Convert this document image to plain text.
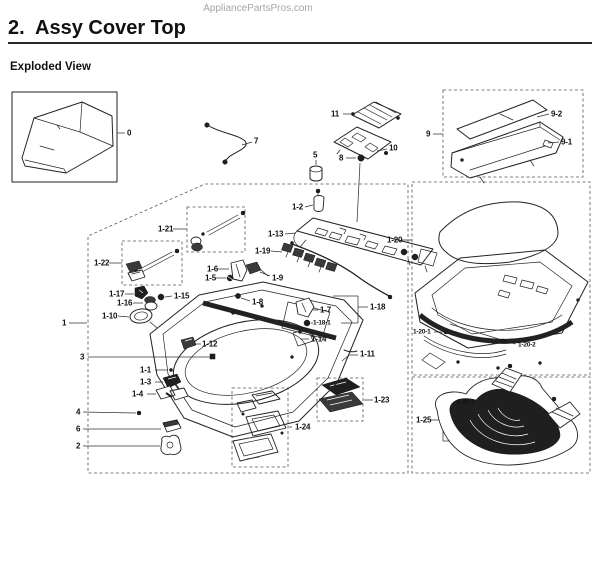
AppliancePartsPros.com
2.  Assy Cover Top
Exploded View
0
7
11
10
5	8
9
9-2
9-1
1-2
1-13
1-19
1-20
1-21
1-22
1-17
1-16
1-15
1-10
1-6
1-5	1-9
1-8
1-7	1-18
1-18-1
1-14
1-12
1-11
1
3
1-1
1-3
1-4
4
6
2
1-23
1-24
1-25
1-25-1
1-20-1
1-20-2
